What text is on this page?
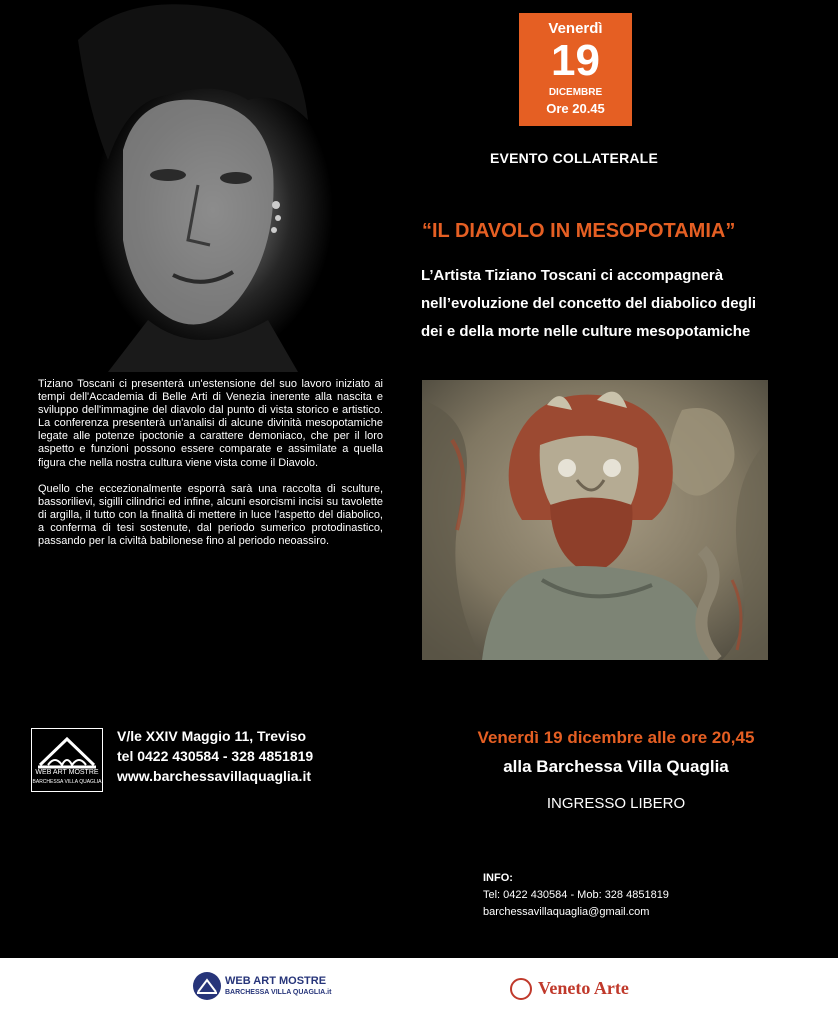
Venerdì
19
DICEMBRE
Ore 20.45
EVENTO COLLATERALE
“IL DIAVOLO IN MESOPOTAMIA”
L’Artista Tiziano Toscani ci accompagnerà
nell’evoluzione del concetto del diabolico degli
dei e della morte nelle culture mesopotamiche

Tiziano Toscani ci presenterà un'estensione del suo lavoro iniziato ai tempi dell'Accademia di Belle Arti di Venezia inerente alla nascita e sviluppo dell'immagine del diavolo dal punto di vista storico e artistico. La conferenza presenterà un'analisi di alcune divinità mesopotamiche legate alle potenze ipoctonie a carattere demoniaco, che per il loro aspetto e funzioni possono essere comparate e assimilate a quella figura che nella nostra cultura viene vista come il Diavolo.

Quello che eccezionalmente esporrà sarà una raccolta di sculture, bassorilievi, sigilli cilindrici ed infine, alcuni esorcismi incisi su tavolette di argilla, il tutto con la finalità di mettere in luce l'aspetto del diabolico, a conferma di tesi sostenute, dal periodo sumerico protodinastico, passando per la civiltà babilonese fino al periodo neoassiro.

WEB ART MOSTRE
BARCHESSA VILLA QUAGLIA
V/le XXIV Maggio 11, Treviso
tel 0422 430584 - 328 4851819
www.barchessavillaquaglia.it
Venerdì 19 dicembre alle ore 20,45
alla Barchessa Villa Quaglia
INGRESSO LIBERO
INFO:
Tel: 0422 430584 - Mob: 328 4851819
barchessavillaquaglia@gmail.com
WEB ART MOSTRE
BARCHESSA VILLA QUAGLIA.it	Veneto Arte
